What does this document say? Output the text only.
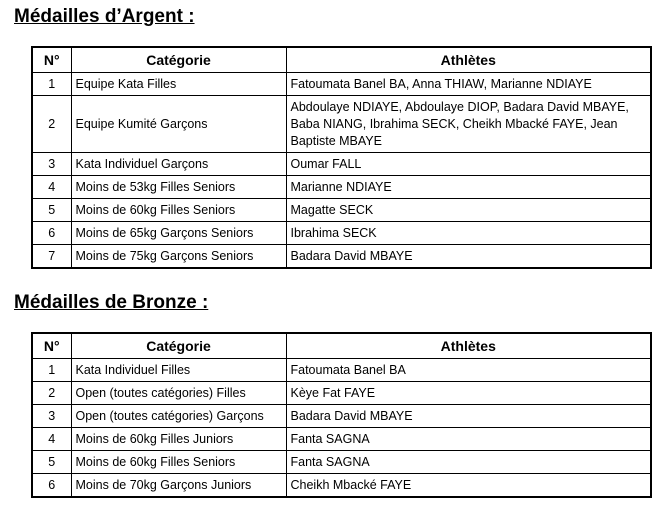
Médailles d’Argent :
N°	Catégorie	Athlètes
1	Equipe Kata Filles	Fatoumata Banel BA, Anna THIAW, Marianne NDIAYE
2	Equipe Kumité Garçons	Abdoulaye NDIAYE, Abdoulaye DIOP, Badara David MBAYE, Baba NIANG, Ibrahima SECK, Cheikh Mbacké FAYE, Jean Baptiste MBAYE
3	Kata Individuel Garçons	Oumar FALL
4	Moins de 53kg Filles Seniors	Marianne NDIAYE
5	Moins de 60kg Filles Seniors	Magatte SECK
6	Moins de 65kg Garçons Seniors	Ibrahima SECK
7	Moins de 75kg Garçons Seniors	Badara David MBAYE
Médailles de Bronze :
N°	Catégorie	Athlètes
1	Kata Individuel Filles	Fatoumata Banel BA
2	Open (toutes catégories) Filles	Kèye Fat FAYE
3	Open (toutes catégories) Garçons	Badara David MBAYE
4	Moins de 60kg Filles Juniors	Fanta SAGNA
5	Moins de 60kg Filles Seniors	Fanta SAGNA
6	Moins de 70kg Garçons Juniors	Cheikh Mbacké FAYE
